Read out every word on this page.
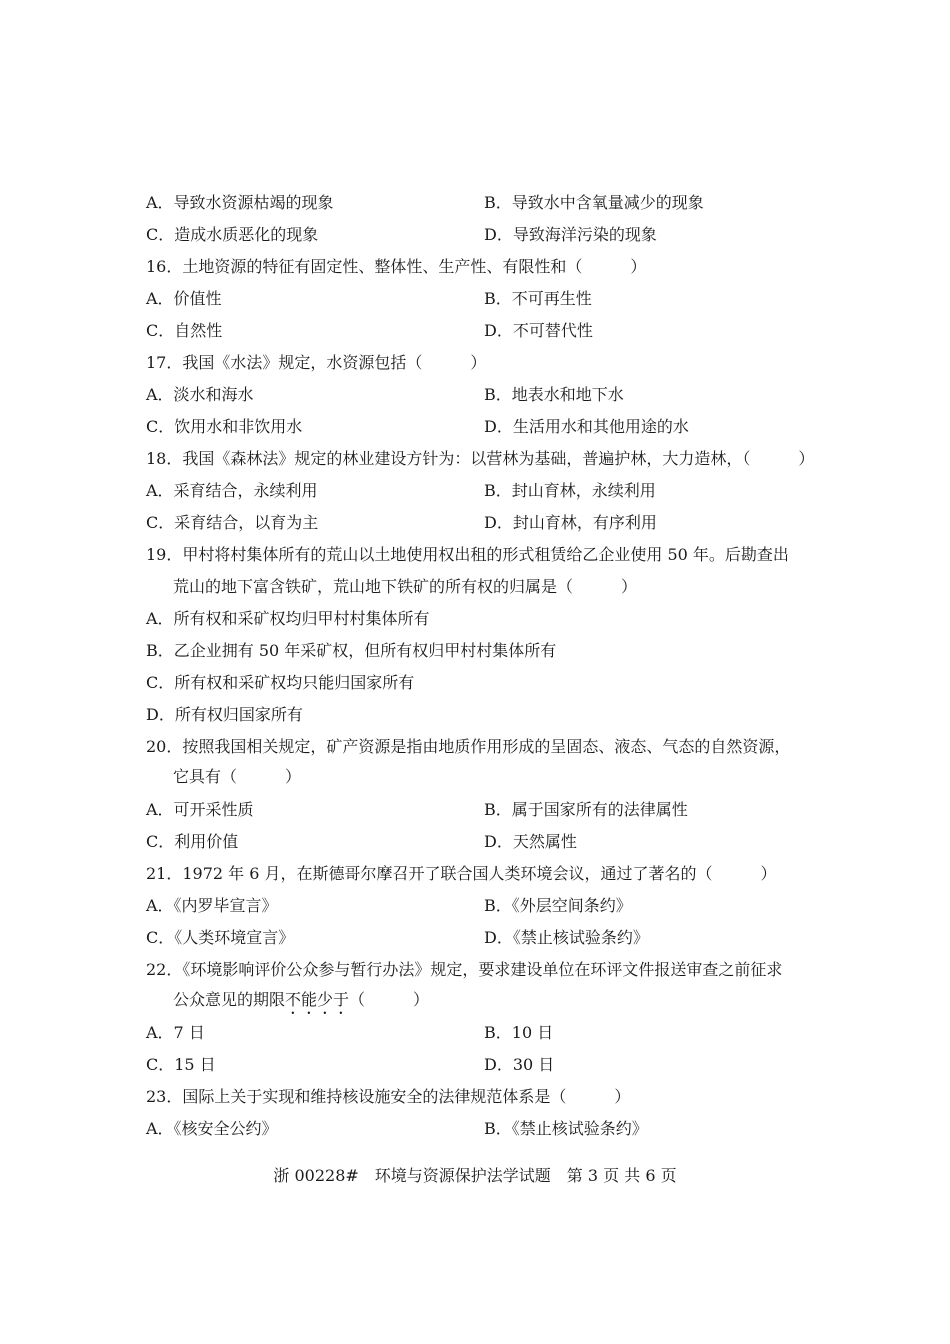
A．导致水资源枯竭的现象	B．导致水中含氧量减少的现象
C．造成水质恶化的现象	D．导致海洋污染的现象
16．土地资源的特征有固定性、整体性、生产性、有限性和（　　　）
A．价值性	B．不可再生性
C．自然性	D．不可替代性
17．我国《水法》规定，水资源包括（　　　）
A．淡水和海水	B．地表水和地下水
C．饮用水和非饮用水	D．生活用水和其他用途的水
18．我国《森林法》规定的林业建设方针为：以营林为基础，普遍护林，大力造林，（　　　）
A．采育结合，永续利用	B．封山育林，永续利用
C．采育结合，以育为主	D．封山育林，有序利用
19．甲村将村集体所有的荒山以土地使用权出租的形式租赁给乙企业使用 50 年。后勘查出
荒山的地下富含铁矿，荒山地下铁矿的所有权的归属是（　　　）
A．所有权和采矿权均归甲村村集体所有
B．乙企业拥有 50 年采矿权，但所有权归甲村村集体所有
C．所有权和采矿权均只能归国家所有
D．所有权归国家所有
20．按照我国相关规定，矿产资源是指由地质作用形成的呈固态、液态、气态的自然资源，
它具有（　　　）
A．可开采性质	B．属于国家所有的法律属性
C．利用价值	D．天然属性
21．1972 年 6 月，在斯德哥尔摩召开了联合国人类环境会议，通过了著名的（　　　）
A．《内罗毕宣言》	B．《外层空间条约》
C．《人类环境宣言》	D．《禁止核试验条约》
22．《环境影响评价公众参与暂行办法》规定，要求建设单位在环评文件报送审查之前征求
公众意见的期限不能少于（　　　）
A．7 日	B．10 日
C．15 日	D．30 日
23．国际上关于实现和维持核设施安全的法律规范体系是（　　　）
A．《核安全公约》	B．《禁止核试验条约》
浙 00228#　环境与资源保护法学试题　第 3 页 共 6 页
